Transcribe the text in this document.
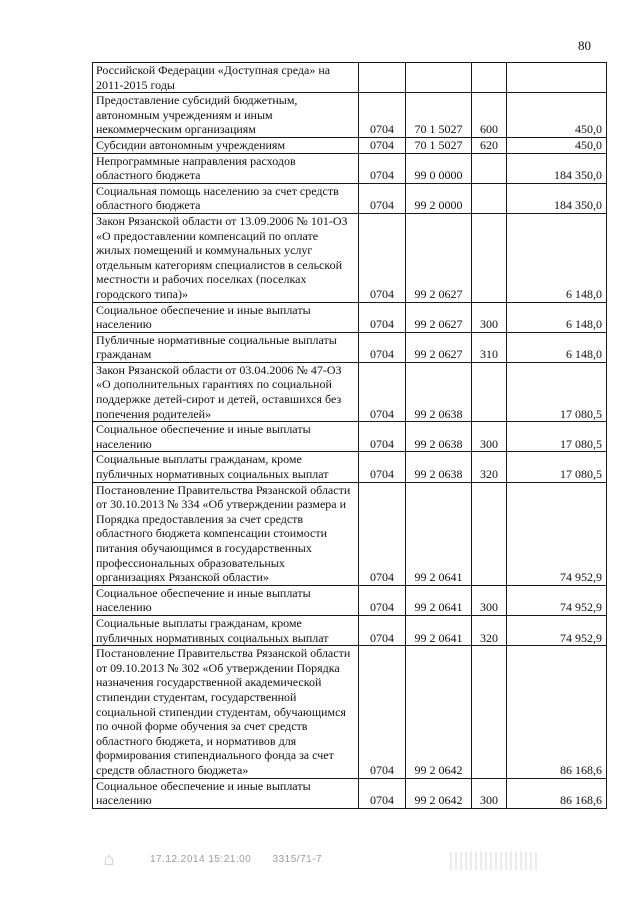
80
Российской Федерации «Доступная среда» на 2011-2015 годы				
Предоставление субсидий бюджетным, автономным учреждениям и иным некоммерческим организациям	0704	70 1 5027	600	450,0
Субсидии автономным учреждениям	0704	70 1 5027	620	450,0
Непрограммные направления расходов областного бюджета	0704	99 0 0000		184 350,0
Социальная помощь населению за счет средств областного бюджета	0704	99 2 0000		184 350,0
Закон Рязанской области от 13.09.2006 № 101-ОЗ «О предоставлении компенсаций по оплате жилых помещений и коммунальных услуг отдельным категориям специалистов в сельской местности и рабочих поселках (поселках городского типа)»	0704	99 2 0627		6 148,0
Социальное обеспечение и иные выплаты населению	0704	99 2 0627	300	6 148,0
Публичные нормативные социальные выплаты гражданам	0704	99 2 0627	310	6 148,0
Закон Рязанской области от 03.04.2006 № 47-ОЗ «О дополнительных гарантиях по социальной поддержке детей-сирот и детей, оставшихся без попечения родителей»	0704	99 2 0638		17 080,5
Социальное обеспечение и иные выплаты населению	0704	99 2 0638	300	17 080,5
Социальные выплаты гражданам, кроме публичных нормативных социальных выплат	0704	99 2 0638	320	17 080,5
Постановление Правительства Рязанской области от 30.10.2013 № 334 «Об утверждении размера и Порядка предоставления за счет средств областного бюджета компенсации стоимости питания обучающимся в государственных профессиональных образовательных организациях Рязанской области»	0704	99 2 0641		74 952,9
Социальное обеспечение и иные выплаты населению	0704	99 2 0641	300	74 952,9
Социальные выплаты гражданам, кроме публичных нормативных социальных выплат	0704	99 2 0641	320	74 952,9
Постановление Правительства Рязанской области от 09.10.2013 № 302 «Об утверждении Порядка назначения государственной академической стипендии студентам, государственной социальной стипендии студентам, обучающимся по очной форме обучения за счет средств областного бюджета, и нормативов для формирования стипендиального фонда за счет средств областного бюджета»	0704	99 2 0642		86 168,6
Социальное обеспечение и иные выплаты населению	0704	99 2 0642	300	86 168,6
⌂	17.12.2014 15:21:00 3315/71-7
